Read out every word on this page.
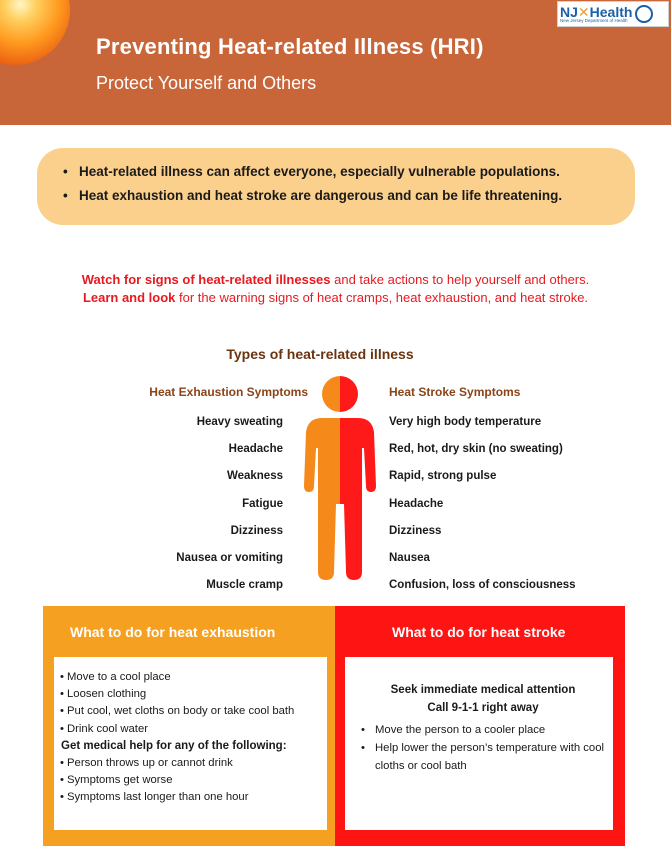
Preventing Heat-related Illness (HRI)
Protect Yourself and Others
NJ✕Health
New Jersey Department of Health
• Heat-related illness can affect everyone, especially vulnerable populations.
• Heat exhaustion and heat stroke are dangerous and can be life threatening.
Watch for signs of heat-related illnesses and take actions to help yourself and others.
Learn and look for the warning signs of heat cramps, heat exhaustion, and heat stroke.
Types of heat-related illness
Heat Exhaustion Symptoms	Heat Stroke Symptoms
Heavy sweating
Headache
Weakness
Fatigue
Dizziness
Nausea or vomiting
Muscle cramp
Very high body temperature
Red, hot, dry skin (no sweating)
Rapid, strong pulse
Headache
Dizziness
Nausea
Confusion, loss of consciousness
What to do for heat exhaustion
• Move to a cool place
• Loosen clothing
• Put cool, wet cloths on body or take cool bath
• Drink cool water
Get medical help for any of the following:
• Person throws up or cannot drink
• Symptoms get worse
• Symptoms last longer than one hour
What to do for heat stroke
Seek immediate medical attention
Call 9-1-1 right away
• Move the person to a cooler place
• Help lower the person’s temperature with cool cloths or cool bath
